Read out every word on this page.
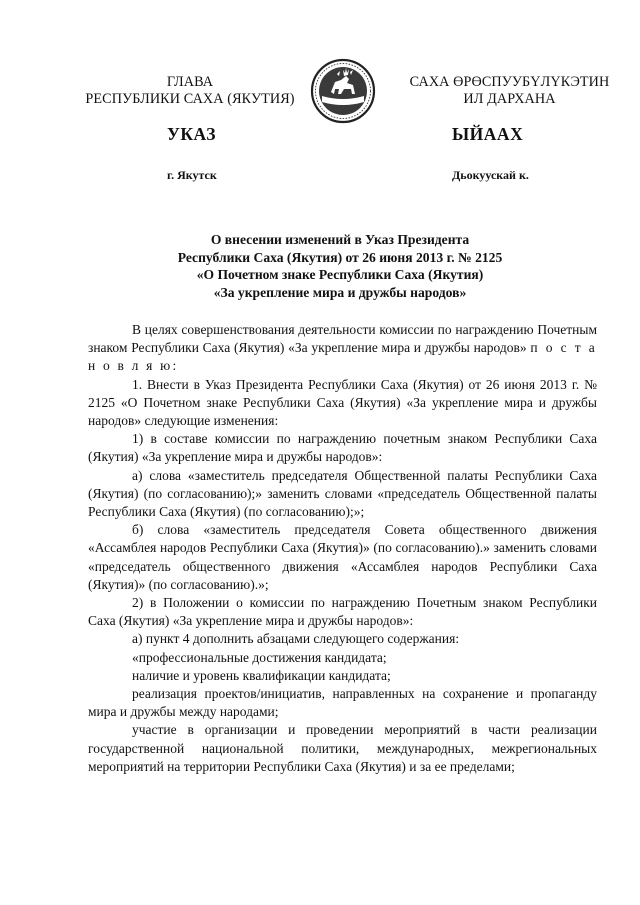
ГЛАВА
РЕСПУБЛИКИ САХА (ЯКУТИЯ)
САХА ӨРӨСПУУБҮЛҮКЭТИН
ИЛ ДАРХАНА
УКАЗ	ЫЙААХ
г. Якутск	Дьокуускай к.
О внесении изменений в Указ Президента
Республики Саха (Якутия) от 26 июня 2013 г. № 2125
«О Почетном знаке Республики Саха (Якутия)
«За укрепление мира и дружбы народов»

В целях совершенствования деятельности комиссии по награждению Почетным знаком Республики Саха (Якутия) «За укрепление мира и дружбы народов» п о с т а н о в л я ю:

1. Внести в Указ Президента Республики Саха (Якутия) от 26 июня 2013 г. № 2125 «О Почетном знаке Республики Саха (Якутия) «За укрепление мира и дружбы народов» следующие изменения:

1) в составе комиссии по награждению почетным знаком Республики Саха (Якутия) «За укрепление мира и дружбы народов»:

а) слова «заместитель председателя Общественной палаты Республики Саха (Якутия) (по согласованию);» заменить словами «председатель Общественной палаты Республики Саха (Якутия) (по согласованию);»;

б) слова «заместитель председателя Совета общественного движения «Ассамблея народов Республики Саха (Якутия)» (по согласованию).» заменить словами «председатель общественного движения «Ассамблея народов Республики Саха (Якутия)» (по согласованию).»;

2) в Положении о комиссии по награждению Почетным знаком Республики Саха (Якутия) «За укрепление мира и дружбы народов»:

а) пункт 4 дополнить абзацами следующего содержания:

«профессиональные достижения кандидата;

наличие и уровень квалификации кандидата;

реализация проектов/инициатив, направленных на сохранение и пропаганду мира и дружбы между народами;

участие в организации и проведении мероприятий в части реализации государственной национальной политики, международных, межрегиональных мероприятий на территории Республики Саха (Якутия) и за ее пределами;
